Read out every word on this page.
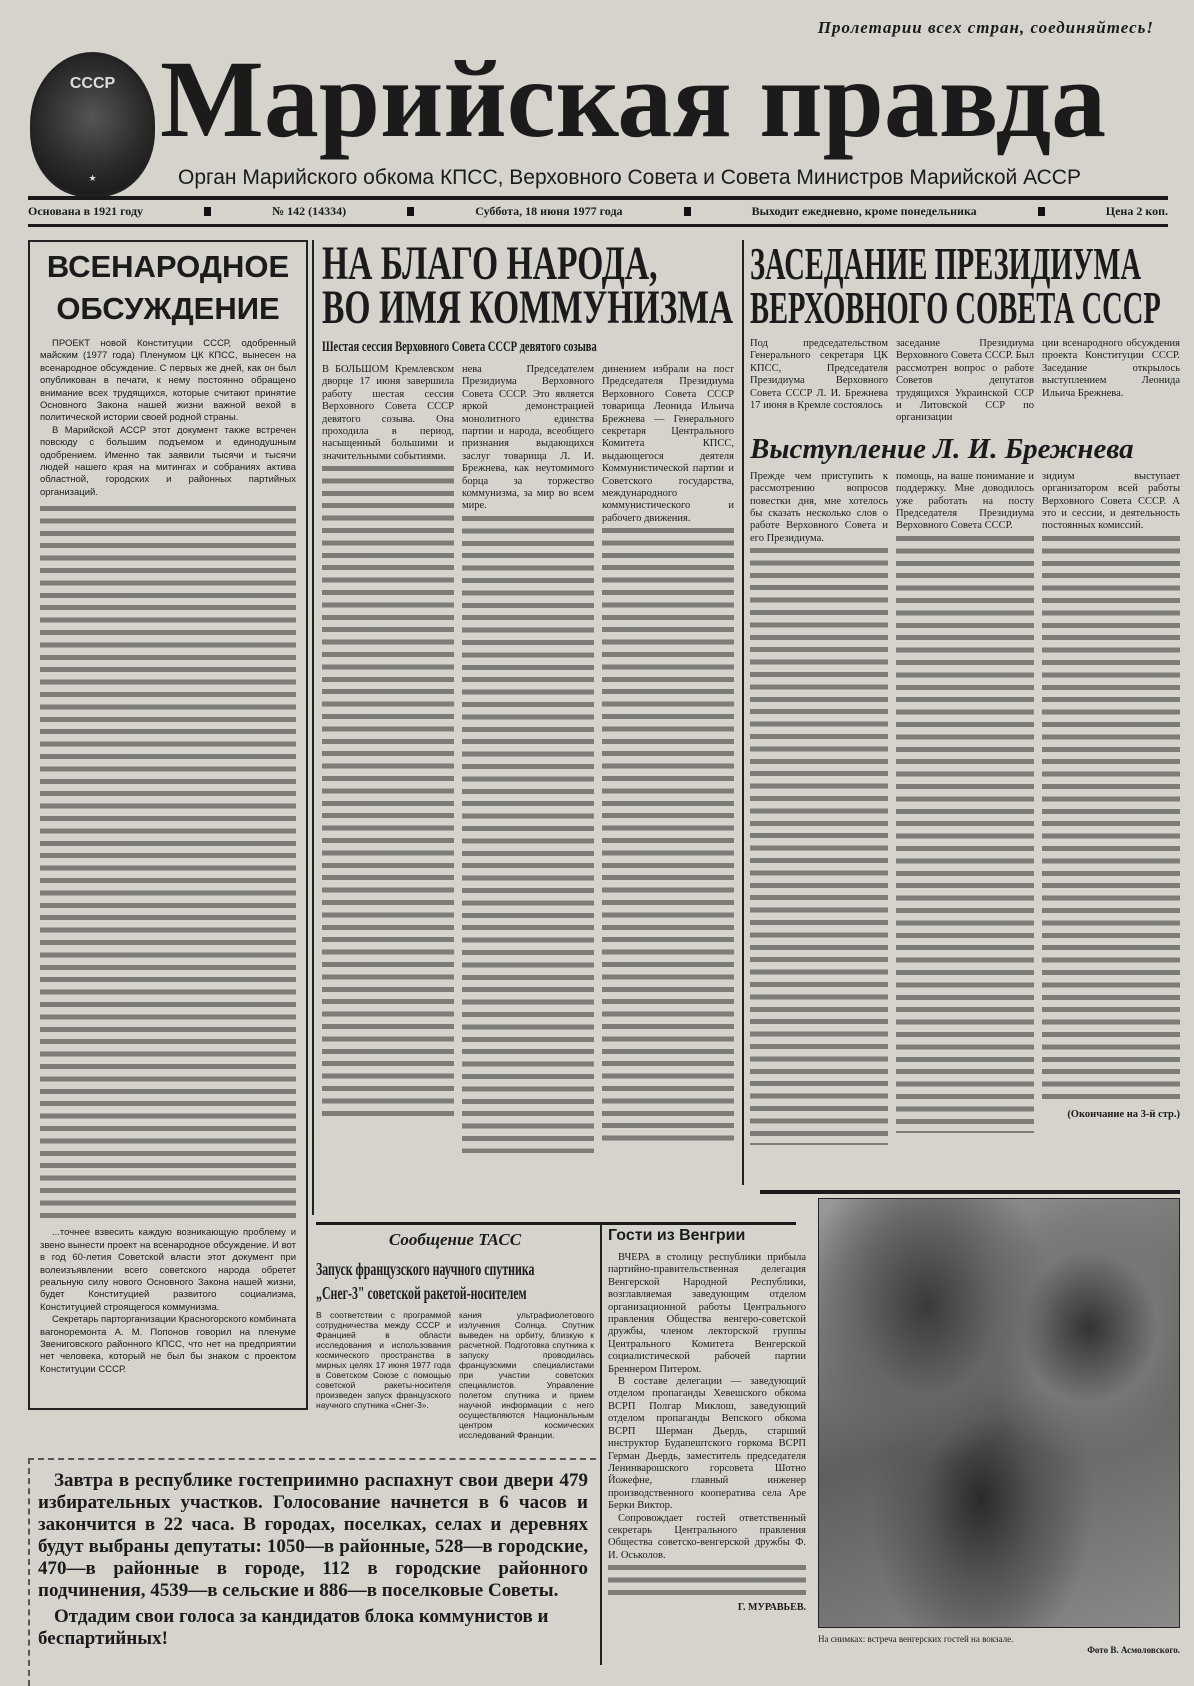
Пролетарии всех стран, соединяйтесь!
СССР
★
Марийская правда
Орган Марийского обкома КПСС, Верховного Совета и Совета Министров Марийской АССР
Основана в 1921 году	№ 142 (14334)	Суббота, 18 июня 1977 года	Выходит ежедневно, кроме понедельника	Цена 2 коп.
ВСЕНАРОДНОЕ
ОБСУЖДЕНИЕ

ПРОЕКТ новой Конституции СССР, одобренный майским (1977 года) Пленумом ЦК КПСС, вынесен на всенародное обсуждение. С первых же дней, как он был опубликован в печати, к нему постоянно обращено внимание всех трудящихся, которые считают принятие Основного Закона нашей жизни важной вехой в политической истории своей родной страны.

В Марийской АССР этот документ также встречен повсюду с большим подъемом и единодушным одобрением. Именно так заявили тысячи и тысячи людей нашего края на митингах и собраниях актива областной, городских и районных партийных организаций.

...точнее взвесить каждую возникающую проблему и звено вынести проект на всенародное обсуждение. И вот в год 60-летия Советской власти этот документ при волеизъявлении всего советского народа обретет реальную силу нового Основного Закона нашей жизни, будет Конституцией развитого социализма, Конституцией строящегося коммунизма.

Секретарь парторганизации Красногорского комбината вагоноремонта А. М. Попонов говорил на пленуме Звениговского районного КПСС, что нет на предприятии нет человека, который не был бы знаком с проектом Конституции СССР.

НА БЛАГО НАРОДА,
ВО ИМЯ КОММУНИЗМА
Шестая сессия Верховного Совета СССР девятого созыва

В БОЛЬШОМ Кремлевском дворце 17 июня завершила работу шестая сессия Верховного Совета СССР девятого созыва. Она проходила в период, насыщенный большими и значительными событиями.

нева Председателем Президиума Верховного Совета СССР. Это является яркой демонстрацией монолитного единства партии и народа, всеобщего признания выдающихся заслуг товарища Л. И. Брежнева, как неутомимого борца за торжество коммунизма, за мир во всем мире.

динением избрали на пост Председателя Президиума Верховного Совета СССР товарища Леонида Ильича Брежнева — Генерального секретаря Центрального Комитета КПСС, выдающегося деятеля Коммунистической партии и Советского государства, международного коммунистического и рабочего движения.

ЗАСЕДАНИЕ ПРЕЗИДИУМА
ВЕРХОВНОГО СОВЕТА СССР

Под председательством Генерального секретаря ЦК КПСС, Председателя Президиума Верховного Совета СССР Л. И. Брежнева 17 июня в Кремле состоялось

заседание Президиума Верховного Совета СССР. Был рассмотрен вопрос о работе Советов депутатов трудящихся Украинской ССР и Литовской ССР по организации

ции всенародного обсуждения проекта Конституции СССР. Заседание открылось выступлением Леонида Ильича Брежнева.

Выступление Л. И. Брежнева

Прежде чем приступить к рассмотрению вопросов повестки дня, мне хотелось бы сказать несколько слов о работе Верховного Совета и его Президиума.

помощь, на ваше понимание и поддержку. Мне доводилось уже работать на посту Председателя Президиума Верховного Совета СССР.

зидиум выступает организатором всей работы Верховного Совета СССР. А это и сессии, и деятельность постоянных комиссий.

(Окончание на 3-й стр.)

Сообщение ТАСС
Запуск французского научного спутника
„Снег-3" советской ракетой-носителем

В соответствии с программой сотрудничества между СССР и Францией в области исследования и использования космического пространства в мирных целях 17 июня 1977 года в Советском Союзе с помощью советской ракеты-носителя произведен запуск французского научного спутника «Снег-3».

кания ультрафиолетового излучения Солнца. Спутник выведен на орбиту, близкую к расчетной. Подготовка спутника к запуску проводилась французскими специалистами при участии советских специалистов. Управление полетом спутника и прием научной информации с него осуществляются Национальным центром космических исследований Франции.

Гости из Венгрии

ВЧЕРА в столицу республики прибыла партийно-правительственная делегация Венгерской Народной Республики, возглавляемая заведующим отделом организационной работы Центрального правления Общества венгеро-советской дружбы, членом лекторской группы Центрального Комитета Венгерской социалистической рабочей партии Бреннером Питером.

В составе делегации — заведующий отделом пропаганды Хевешского обкома ВСРП Полгар Миклош, заведующий отделом пропаганды Вепского обкома ВСРП Шерман Дьердь, старший инструктор Будапештского горкома ВСРП Герман Дьердь, заместитель председателя Ленинварошского горсовета Шотно Йожефне, главный инженер производственного кооператива села Аре Берки Виктор.

Сопровождает гостей ответственный секретарь Центрального правления Общества советско-венгерской дружбы Ф. И. Оськолов.

Г. МУРАВЬЕВ.
На снимках: встреча венгерских гостей на вокзале.
Фото В. Асмоловского.

Завтра в республике гостеприимно распахнут свои двери 479 избирательных участков. Голосование начнется в 6 часов и закончится в 22 часа. В городах, поселках, селах и деревнях будут выбраны депутаты: 1050—в районные, 528—в городские, 470—в районные в городе, 112 в городские районного подчинения, 4539—в сельские и 886—в поселковые Советы.

Отдадим свои голоса за кандидатов блока коммунистов и беспартийных!
